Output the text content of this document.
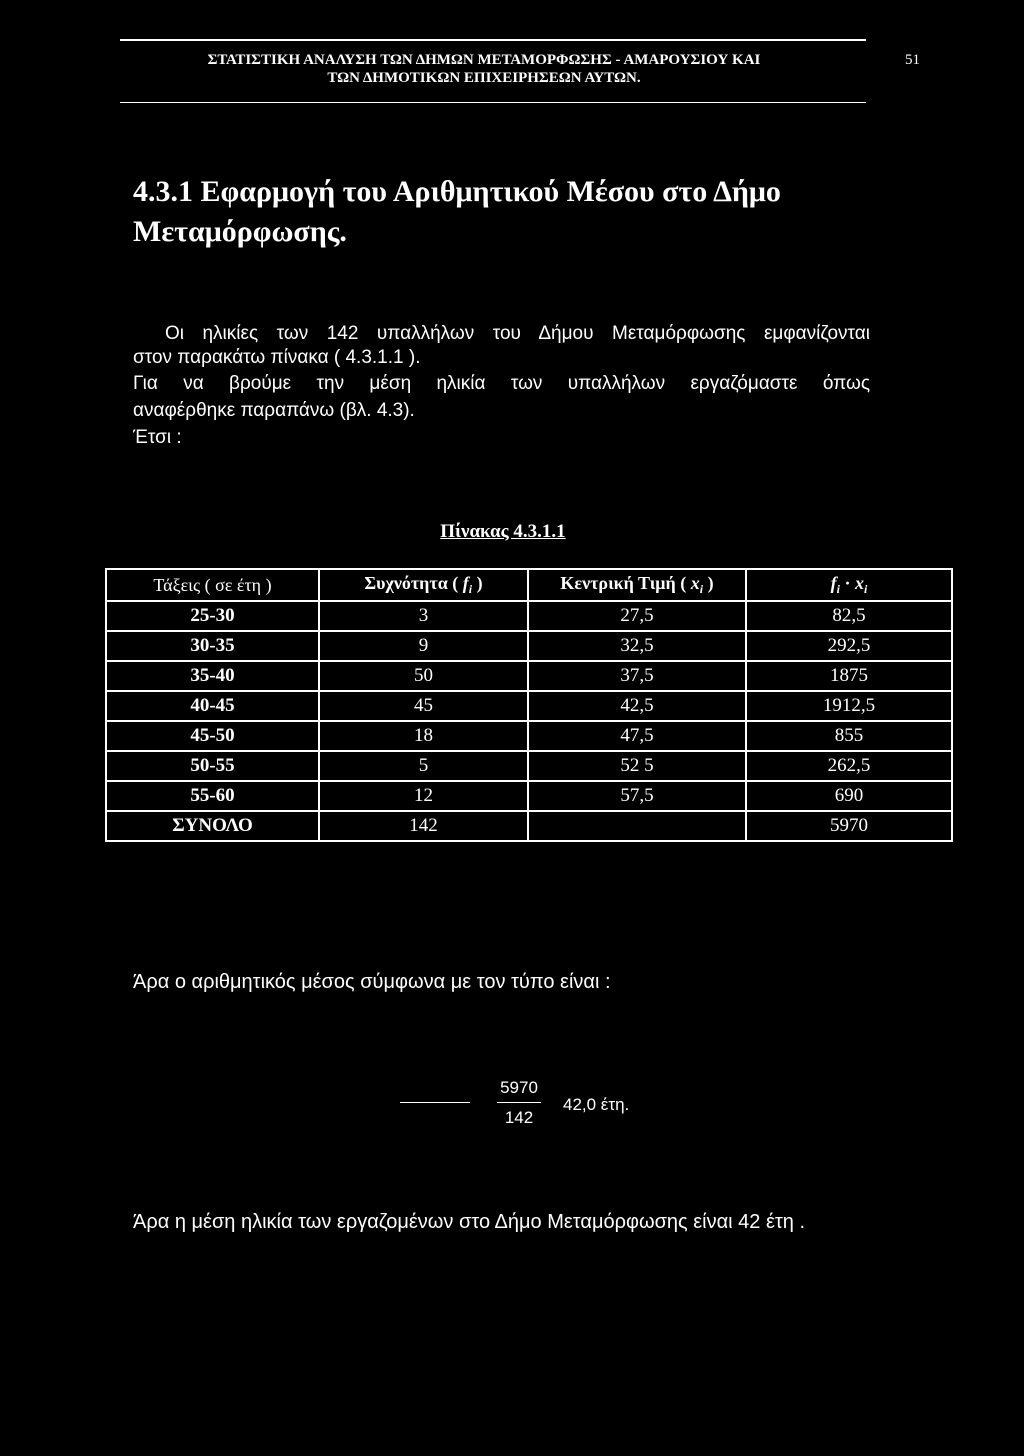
ΣΤΑΤΙΣΤΙΚΗ ΑΝΑΛΥΣΗ ΤΩΝ ΔΗΜΩΝ ΜΕΤΑΜΟΡΦΩΣΗΣ - ΑΜΑΡΟΥΣΙΟΥ ΚΑΙ
ΤΩΝ ΔΗΜΟΤΙΚΩΝ ΕΠΙΧΕΙΡΗΣΕΩΝ ΑΥΤΩΝ.
51
4.3.1 Εφαρμογή του Αριθμητικού Μέσου στο Δήμο
Μεταμόρφωσης.
Οι ηλικίες των 142 υπαλλήλων του Δήμου Μεταμόρφωσης εμφανίζονται
στον παρακάτω πίνακα ( 4.3.1.1 ).
Για να βρούμε την μέση ηλικία των υπαλλήλων εργαζόμαστε όπως
αναφέρθηκε παραπάνω (βλ. 4.3).
Έτσι :
Πίνακας 4.3.1.1
Τάξεις ( σε έτη )	Συχνότητα ( $f_i$ )	Κεντρική Τιμή ( $x_i$ )	$f_i \cdot x_i$
25-30	3	27,5	82,5
30-35	9	32,5	292,5
35-40	50	37,5	1875
40-45	45	42,5	1912,5
45-50	18	47,5	855
50-55	5	52 5	262,5
55-60	12	57,5	690
ΣΥΝΟΛΟ	142		5970
Άρα ο αριθμητικός μέσος σύμφωνα με τον τύπο είναι :
5970
142
42,0 έτη.
Άρα η μέση ηλικία των εργαζομένων στο Δήμο Μεταμόρφωσης είναι 42 έτη .
